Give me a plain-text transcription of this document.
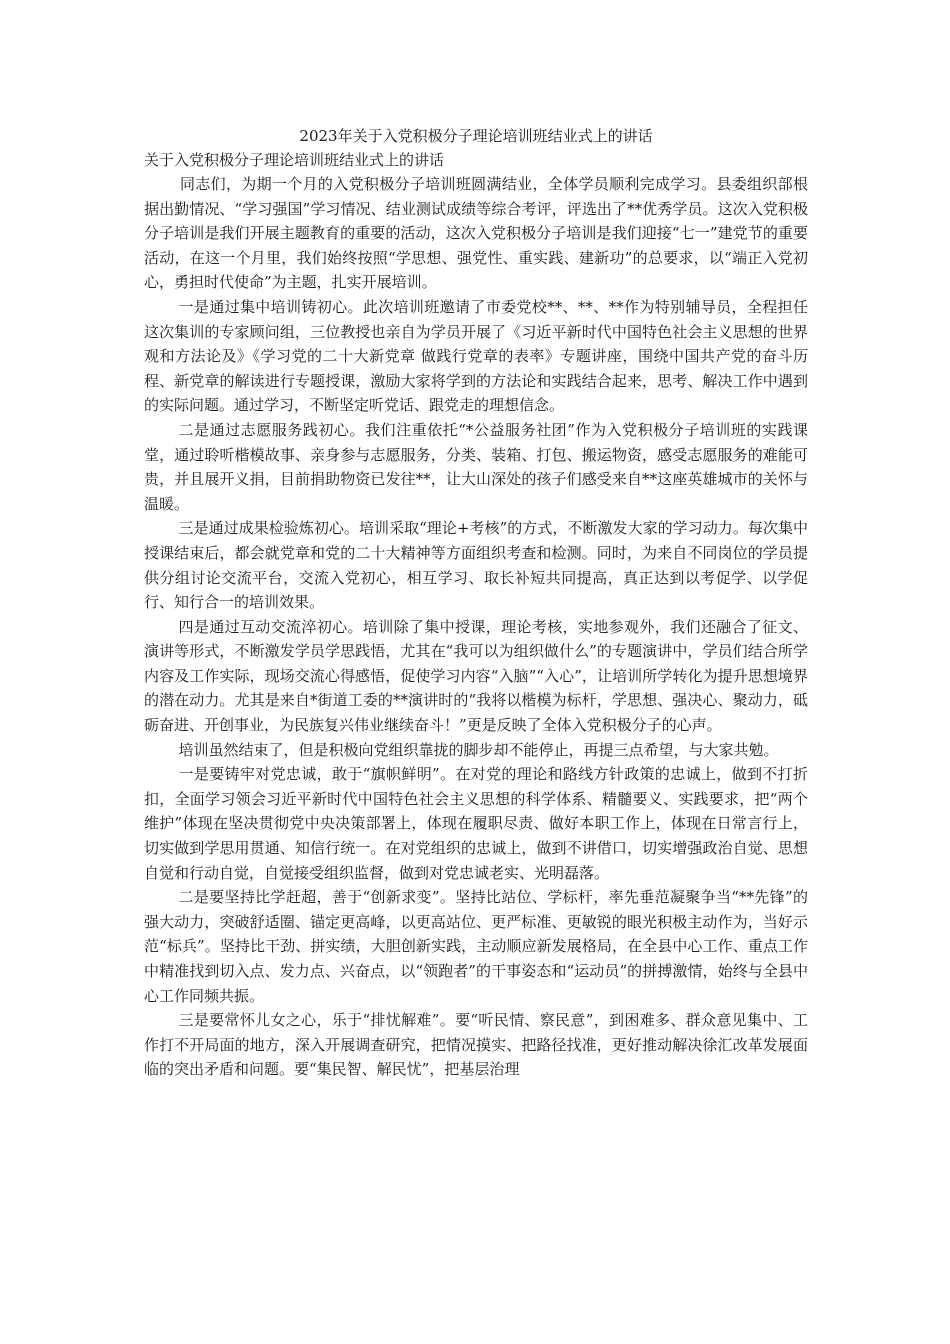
2023年关于入党积极分子理论培训班结业式上的讲话

关于入党积极分子理论培训班结业式上的讲话

同志们，为期一个月的入党积极分子培训班圆满结业，全体学员顺利完成学习。县委组织部根据出勤情况、“学习强国”学习情况、结业测试成绩等综合考评，评选出了**优秀学员。这次入党积极分子培训是我们开展主题教育的重要的活动，这次入党积极分子培训是我们迎接“七一”建党节的重要活动，在这一个月里，我们始终按照“学思想、强党性、重实践、建新功”的总要求，以“端正入党初心，勇担时代使命”为主题，扎实开展培训。

一是通过集中培训铸初心。此次培训班邀请了市委党校**、**、**作为特别辅导员，全程担任这次集训的专家顾问组，三位教授也亲自为学员开展了《习近平新时代中国特色社会主义思想的世界观和方法论及》《学习党的二十大新党章 做践行党章的表率》专题讲座，围绕中国共产党的奋斗历程、新党章的解读进行专题授课，激励大家将学到的方法论和实践结合起来，思考、解决工作中遇到的实际问题。通过学习，不断坚定听党话、跟党走的理想信念。

二是通过志愿服务践初心。我们注重依托“*公益服务社团”作为入党积极分子培训班的实践课堂，通过聆听楷模故事、亲身参与志愿服务，分类、装箱、打包、搬运物资，感受志愿服务的难能可贵，并且展开义捐，目前捐助物资已发往**，让大山深处的孩子们感受来自**这座英雄城市的关怀与温暖。

三是通过成果检验炼初心。培训采取“理论+考核”的方式，不断激发大家的学习动力。每次集中授课结束后，都会就党章和党的二十大精神等方面组织考查和检测。同时，为来自不同岗位的学员提供分组讨论交流平台，交流入党初心，相互学习、取长补短共同提高，真正达到以考促学、以学促行、知行合一的培训效果。

四是通过互动交流淬初心。培训除了集中授课，理论考核，实地参观外，我们还融合了征文、演讲等形式，不断激发学员学思践悟，尤其在“我可以为组织做什么”的专题演讲中，学员们结合所学内容及工作实际，现场交流心得感悟，促使学习内容“入脑”“入心”，让培训所学转化为提升思想境界的潜在动力。尤其是来自*街道工委的**演讲时的“我将以楷模为标杆，学思想、强决心、聚动力，砥砺奋进、开创事业，为民族复兴伟业继续奋斗！”更是反映了全体入党积极分子的心声。

培训虽然结束了，但是积极向党组织靠拢的脚步却不能停止，再提三点希望，与大家共勉。

一是要铸牢对党忠诚，敢于“旗帜鲜明”。在对党的理论和路线方针政策的忠诚上，做到不打折扣，全面学习领会习近平新时代中国特色社会主义思想的科学体系、精髓要义、实践要求，把“两个维护”体现在坚决贯彻党中央决策部署上，体现在履职尽责、做好本职工作上，体现在日常言行上，切实做到学思用贯通、知信行统一。在对党组织的忠诚上，做到不讲借口，切实增强政治自觉、思想自觉和行动自觉，自觉接受组织监督，做到对党忠诚老实、光明磊落。

二是要坚持比学赶超，善于“创新求变”。坚持比站位、学标杆，率先垂范凝聚争当“**先锋”的强大动力，突破舒适圈、锚定更高峰，以更高站位、更严标准、更敏锐的眼光积极主动作为，当好示范“标兵”。坚持比干劲、拼实绩，大胆创新实践，主动顺应新发展格局，在全县中心工作、重点工作中精准找到切入点、发力点、兴奋点，以“领跑者”的干事姿态和“运动员”的拼搏激情，始终与全县中心工作同频共振。

三是要常怀儿女之心，乐于“排忧解难”。要“听民情、察民意”，到困难多、群众意见集中、工作打不开局面的地方，深入开展调查研究，把情况摸实、把路径找准，更好推动解决徐汇改革发展面临的突出矛盾和问题。要“集民智、解民忧”，把基层治理
